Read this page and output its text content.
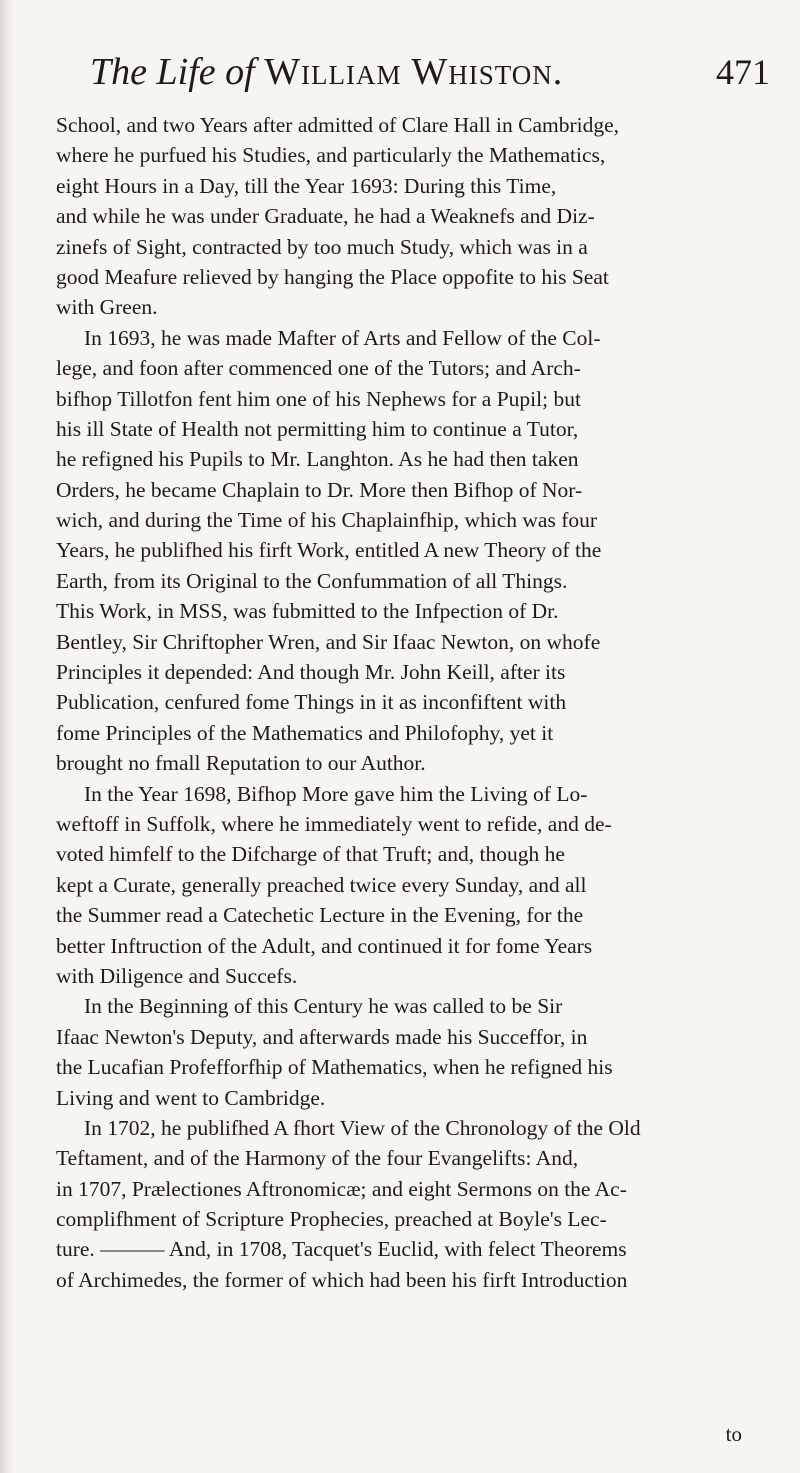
The Life of William Whiston.	471
School, and two Years after admitted of Clare Hall in Cambridge,
where he purfued his Studies, and particularly the Mathematics,
eight Hours in a Day, till the Year 1693: During this Time,
and while he was under Graduate, he had a Weaknefs and Diz-
zinefs of Sight, contracted by too much Study, which was in a
good Meafure relieved by hanging the Place oppofite to his Seat
with Green.
In 1693, he was made Mafter of Arts and Fellow of the Col-
lege, and foon after commenced one of the Tutors; and Arch-
bifhop Tillotfon fent him one of his Nephews for a Pupil; but
his ill State of Health not permitting him to continue a Tutor,
he refigned his Pupils to Mr. Langhton. As he had then taken
Orders, he became Chaplain to Dr. More then Bifhop of Nor-
wich, and during the Time of his Chaplainfhip, which was four
Years, he publifhed his firft Work, entitled A new Theory of the
Earth, from its Original to the Confummation of all Things.
This Work, in MSS, was fubmitted to the Infpection of Dr.
Bentley, Sir Chriftopher Wren, and Sir Ifaac Newton, on whofe
Principles it depended: And though Mr. John Keill, after its
Publication, cenfured fome Things in it as inconfiftent with
fome Principles of the Mathematics and Philofophy, yet it
brought no fmall Reputation to our Author.
In the Year 1698, Bifhop More gave him the Living of Lo-
weftoff in Suffolk, where he immediately went to refide, and de-
voted himfelf to the Difcharge of that Truft; and, though he
kept a Curate, generally preached twice every Sunday, and all
the Summer read a Catechetic Lecture in the Evening, for the
better Inftruction of the Adult, and continued it for fome Years
with Diligence and Succefs.
In the Beginning of this Century he was called to be Sir
Ifaac Newton's Deputy, and afterwards made his Succeffor, in
the Lucafian Profefforfhip of Mathematics, when he refigned his
Living and went to Cambridge.
In 1702, he publifhed A fhort View of the Chronology of the Old
Teftament, and of the Harmony of the four Evangelifts: And,
in 1707, Prælectiones Aftronomicæ; and eight Sermons on the Ac-
complifhment of Scripture Prophecies, preached at Boyle's Lec-
ture. ——— And, in 1708, Tacquet's Euclid, with felect Theorems
of Archimedes, the former of which had been his firft Introduction
to
